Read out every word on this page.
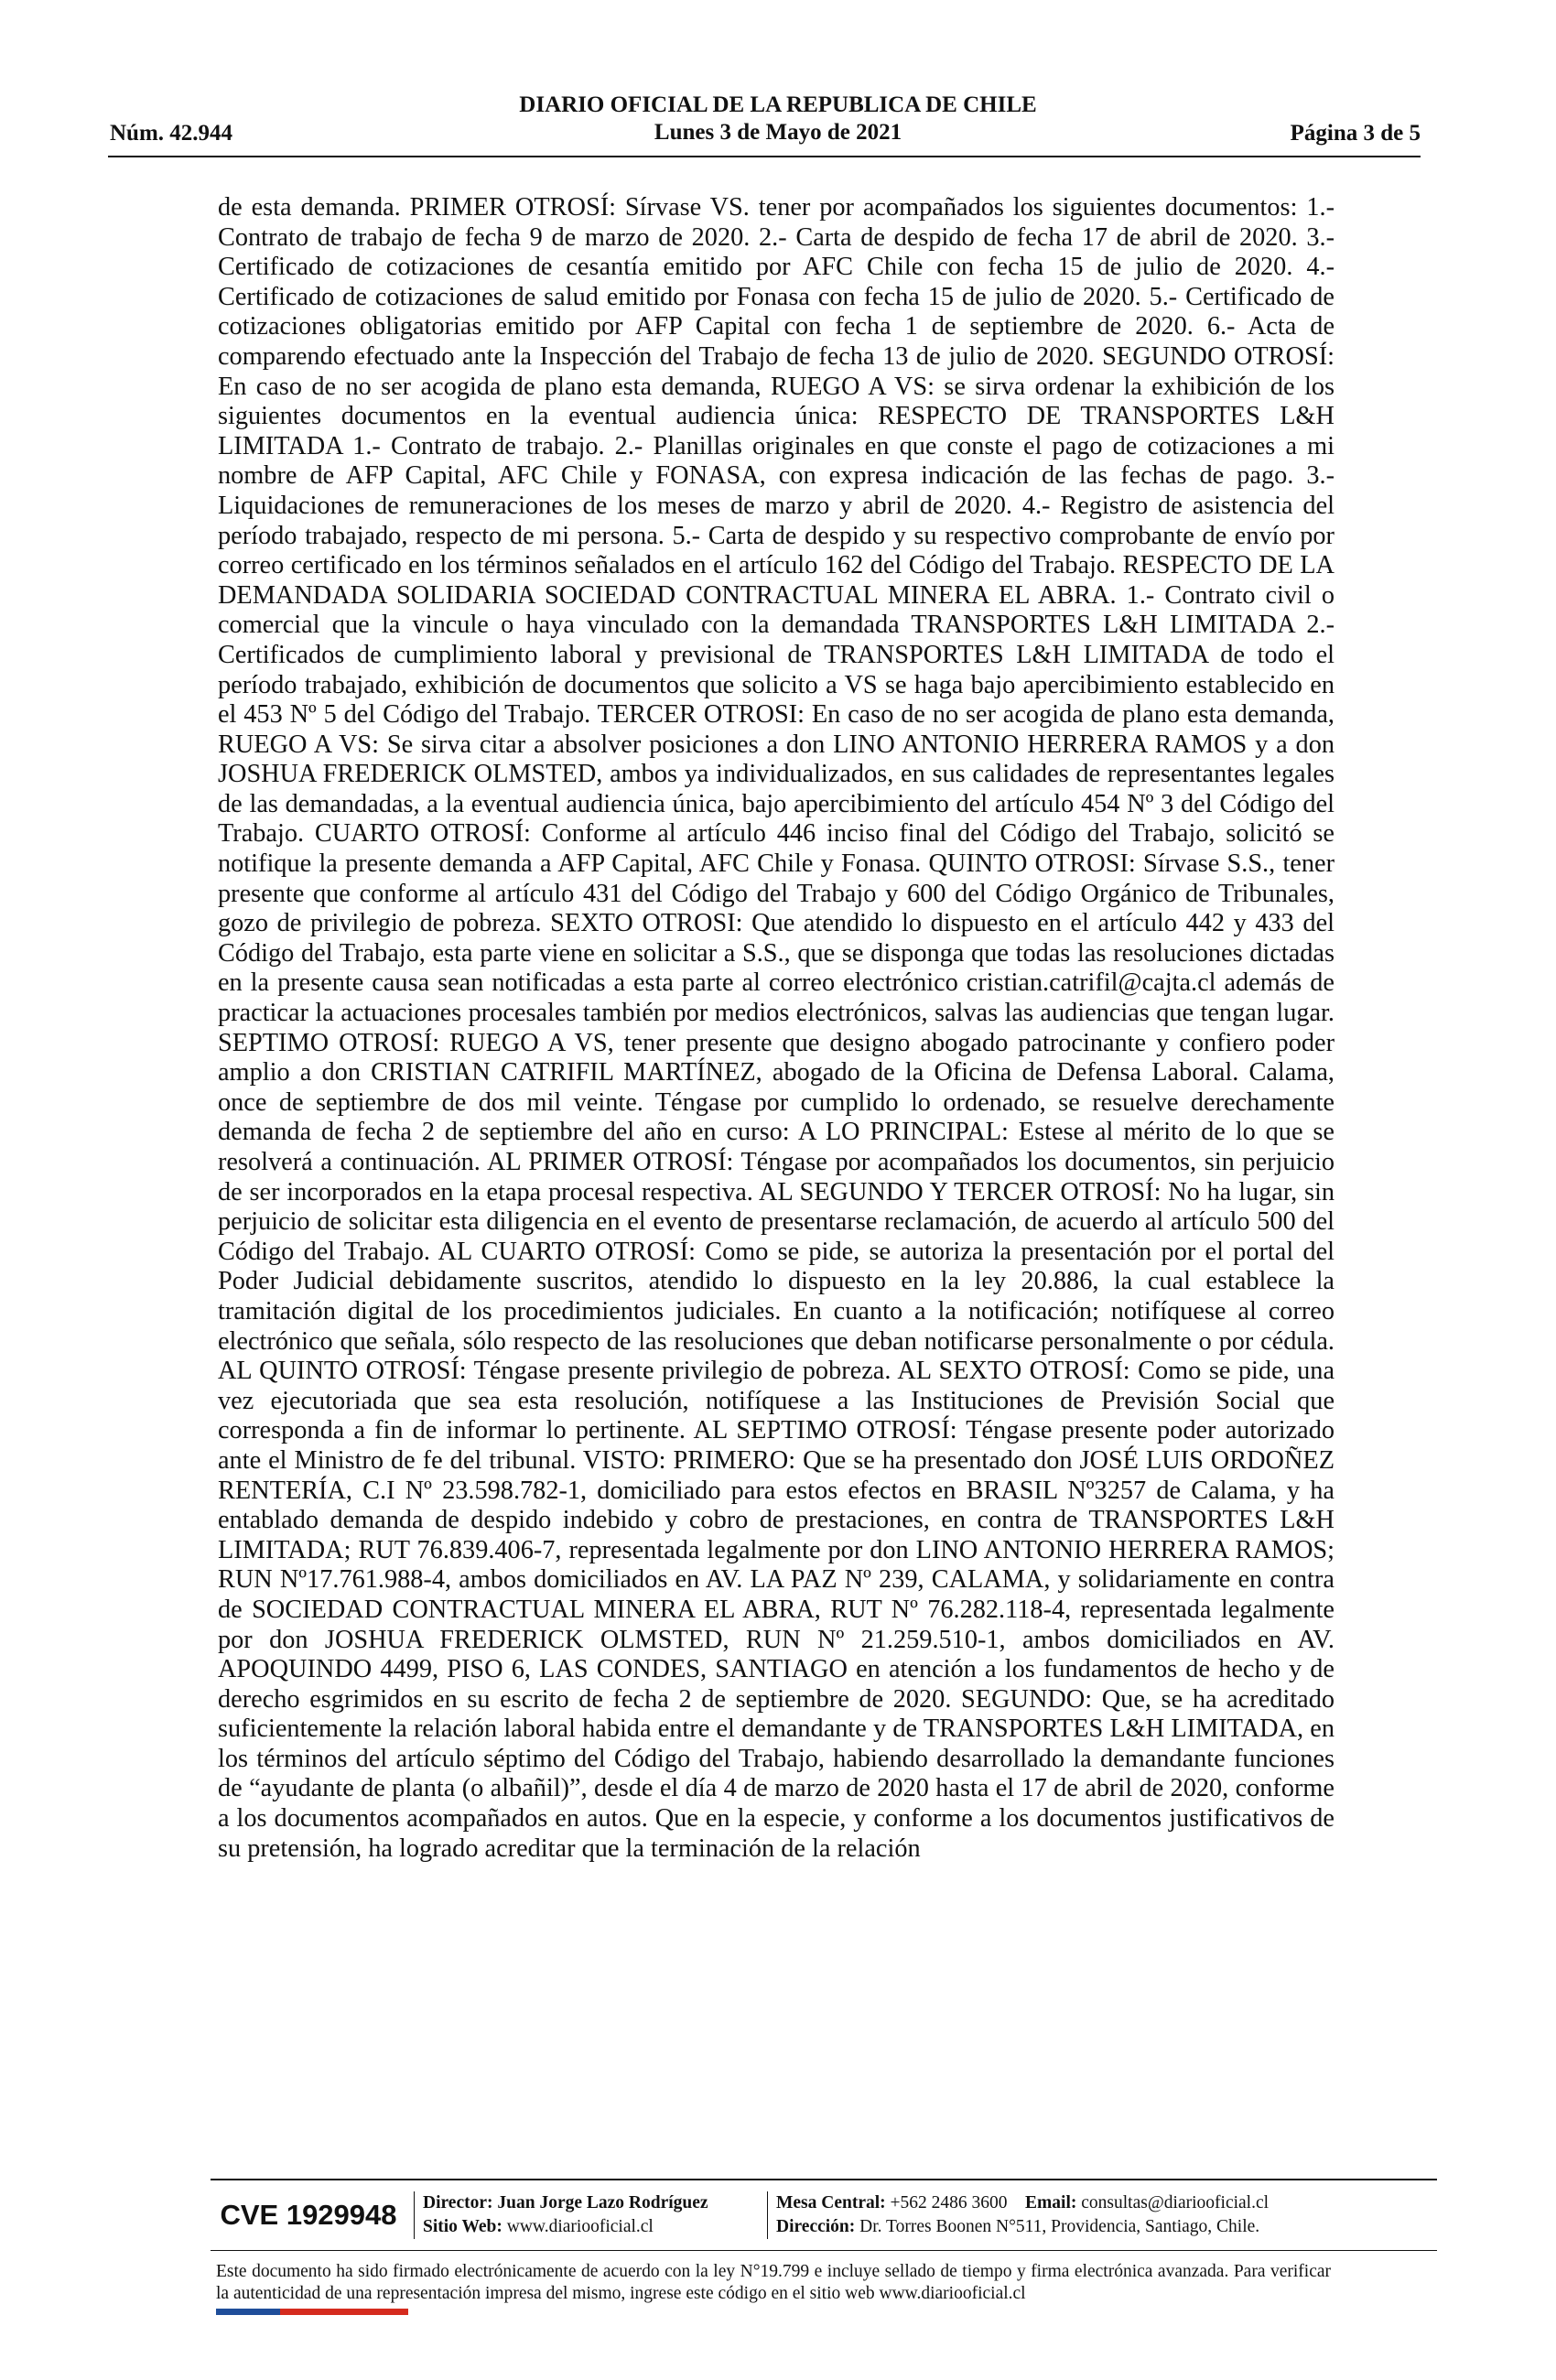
DIARIO OFICIAL DE LA REPUBLICA DE CHILE
Lunes 3 de Mayo de 2021
Núm. 42.944	Página 3 de 5

de esta demanda. PRIMER OTROSÍ: Sírvase VS. tener por acompañados los siguientes documentos: 1.- Contrato de trabajo de fecha 9 de marzo de 2020. 2.- Carta de despido de fecha 17 de abril de 2020. 3.- Certificado de cotizaciones de cesantía emitido por AFC Chile con fecha 15 de julio de 2020. 4.- Certificado de cotizaciones de salud emitido por Fonasa con fecha 15 de julio de 2020. 5.- Certificado de cotizaciones obligatorias emitido por AFP Capital con fecha 1 de septiembre de 2020. 6.- Acta de comparendo efectuado ante la Inspección del Trabajo de fecha 13 de julio de 2020. SEGUNDO OTROSÍ: En caso de no ser acogida de plano esta demanda, RUEGO A VS: se sirva ordenar la exhibición de los siguientes documentos en la eventual audiencia única: RESPECTO DE TRANSPORTES L&H LIMITADA 1.- Contrato de trabajo. 2.- Planillas originales en que conste el pago de cotizaciones a mi nombre de AFP Capital, AFC Chile y FONASA, con expresa indicación de las fechas de pago. 3.- Liquidaciones de remuneraciones de los meses de marzo y abril de 2020. 4.- Registro de asistencia del período trabajado, respecto de mi persona. 5.- Carta de despido y su respectivo comprobante de envío por correo certificado en los términos señalados en el artículo 162 del Código del Trabajo. RESPECTO DE LA DEMANDADA SOLIDARIA SOCIEDAD CONTRACTUAL MINERA EL ABRA. 1.- Contrato civil o comercial que la vincule o haya vinculado con la demandada TRANSPORTES L&H LIMITADA 2.- Certificados de cumplimiento laboral y previsional de TRANSPORTES L&H LIMITADA de todo el período trabajado, exhibición de documentos que solicito a VS se haga bajo apercibimiento establecido en el 453 Nº 5 del Código del Trabajo. TERCER OTROSI: En caso de no ser acogida de plano esta demanda, RUEGO A VS: Se sirva citar a absolver posiciones a don LINO ANTONIO HERRERA RAMOS y a don JOSHUA FREDERICK OLMSTED, ambos ya individualizados, en sus calidades de representantes legales de las demandadas, a la eventual audiencia única, bajo apercibimiento del artículo 454 Nº 3 del Código del Trabajo. CUARTO OTROSÍ: Conforme al artículo 446 inciso final del Código del Trabajo, solicitó se notifique la presente demanda a AFP Capital, AFC Chile y Fonasa. QUINTO OTROSI: Sírvase S.S., tener presente que conforme al artículo 431 del Código del Trabajo y 600 del Código Orgánico de Tribunales, gozo de privilegio de pobreza. SEXTO OTROSI: Que atendido lo dispuesto en el artículo 442 y 433 del Código del Trabajo, esta parte viene en solicitar a S.S., que se disponga que todas las resoluciones dictadas en la presente causa sean notificadas a esta parte al correo electrónico cristian.catrifil@cajta.cl además de practicar la actuaciones procesales también por medios electrónicos, salvas las audiencias que tengan lugar. SEPTIMO OTROSÍ: RUEGO A VS, tener presente que designo abogado patrocinante y confiero poder amplio a don CRISTIAN CATRIFIL MARTÍNEZ, abogado de la Oficina de Defensa Laboral. Calama, once de septiembre de dos mil veinte. Téngase por cumplido lo ordenado, se resuelve derechamente demanda de fecha 2 de septiembre del año en curso: A LO PRINCIPAL: Estese al mérito de lo que se resolverá a continuación. AL PRIMER OTROSÍ: Téngase por acompañados los documentos, sin perjuicio de ser incorporados en la etapa procesal respectiva. AL SEGUNDO Y TERCER OTROSÍ: No ha lugar, sin perjuicio de solicitar esta diligencia en el evento de presentarse reclamación, de acuerdo al artículo 500 del Código del Trabajo. AL CUARTO OTROSÍ: Como se pide, se autoriza la presentación por el portal del Poder Judicial debidamente suscritos, atendido lo dispuesto en la ley 20.886, la cual establece la tramitación digital de los procedimientos judiciales. En cuanto a la notificación; notifíquese al correo electrónico que señala, sólo respecto de las resoluciones que deban notificarse personalmente o por cédula. AL QUINTO OTROSÍ: Téngase presente privilegio de pobreza. AL SEXTO OTROSÍ: Como se pide, una vez ejecutoriada que sea esta resolución, notifíquese a las Instituciones de Previsión Social que corresponda a fin de informar lo pertinente. AL SEPTIMO OTROSÍ: Téngase presente poder autorizado ante el Ministro de fe del tribunal. VISTO: PRIMERO: Que se ha presentado don JOSÉ LUIS ORDOÑEZ RENTERÍA, C.I Nº 23.598.782-1, domiciliado para estos efectos en BRASIL Nº3257 de Calama, y ha entablado demanda de despido indebido y cobro de prestaciones, en contra de TRANSPORTES L&H LIMITADA; RUT 76.839.406-7, representada legalmente por don LINO ANTONIO HERRERA RAMOS; RUN Nº17.761.988-4, ambos domiciliados en AV. LA PAZ Nº 239, CALAMA, y solidariamente en contra de SOCIEDAD CONTRACTUAL MINERA EL ABRA, RUT Nº 76.282.118-4, representada legalmente por don JOSHUA FREDERICK OLMSTED, RUN Nº 21.259.510-1, ambos domiciliados en AV. APOQUINDO 4499, PISO 6, LAS CONDES, SANTIAGO en atención a los fundamentos de hecho y de derecho esgrimidos en su escrito de fecha 2 de septiembre de 2020. SEGUNDO: Que, se ha acreditado suficientemente la relación laboral habida entre el demandante y de TRANSPORTES L&H LIMITADA, en los términos del artículo séptimo del Código del Trabajo, habiendo desarrollado la demandante funciones de “ayudante de planta (o albañil)”, desde el día 4 de marzo de 2020 hasta el 17 de abril de 2020, conforme a los documentos acompañados en autos. Que en la especie, y conforme a los documentos justificativos de su pretensión, ha logrado acreditar que la terminación de la relación

CVE 1929948	Director: Juan Jorge Lazo Rodríguez
Sitio Web: www.diariooficial.cl
Mesa Central: +562 2486 3600 Email: consultas@diariooficial.cl
Dirección: Dr. Torres Boonen N°511, Providencia, Santiago, Chile.
Este documento ha sido firmado electrónicamente de acuerdo con la ley N°19.799 e incluye sellado de tiempo y firma electrónica avanzada. Para verificar la autenticidad de una representación impresa del mismo, ingrese este código en el sitio web www.diariooficial.cl
